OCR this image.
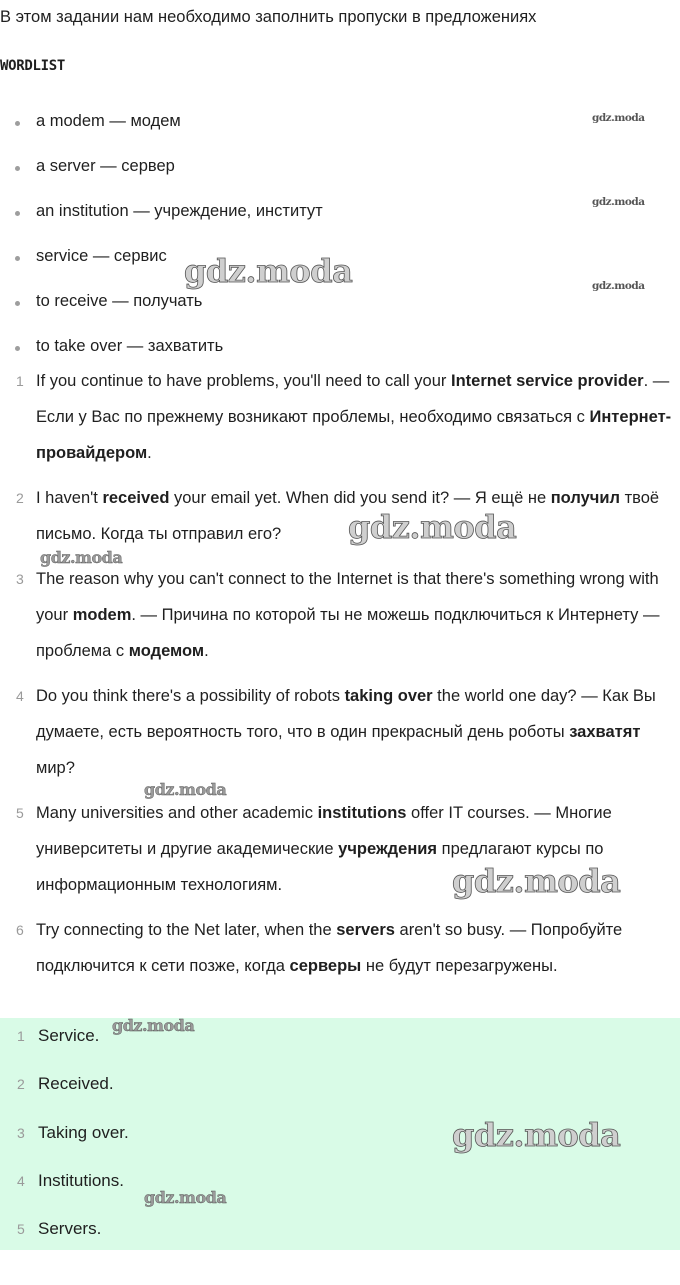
В этом задании нам необходимо заполнить пропуски в предложениях
WORDLIST
a modem — модем
a server — сервер
an institution — учреждение, институт
service — сервис
to receive — получать
to take over — захватить
1 If you continue to have problems, you'll need to call your Internet service provider. — Если у Вас по прежнему возникают проблемы, необходимо связаться с Интернет-провайдером.
2 I haven't received your email yet. When did you send it? — Я ещё не получил твоё письмо. Когда ты отправил его?
3 The reason why you can't connect to the Internet is that there's something wrong with your modem. — Причина по которой ты не можешь подключиться к Интернету — проблема с модемом.
4 Do you think there's a possibility of robots taking over the world one day? — Как Вы думаете, есть вероятность того, что в один прекрасный день роботы захватят мир?
5 Many universities and other academic institutions offer IT courses. — Многие университеты и другие академические учреждения предлагают курсы по информационным технологиям.
6 Try connecting to the Net later, when the servers aren't so busy. — Попробуйте подключится к сети позже, когда серверы не будут перезагружены.
1 Service.
2 Received.
3 Taking over.
4 Institutions.
5 Servers.
gdz.moda
gdz.moda
gdz.moda
gdz.moda
gdz.moda
gdz.moda
gdz.moda
gdz.moda
gdz.moda
gdz.moda
gdz.moda
